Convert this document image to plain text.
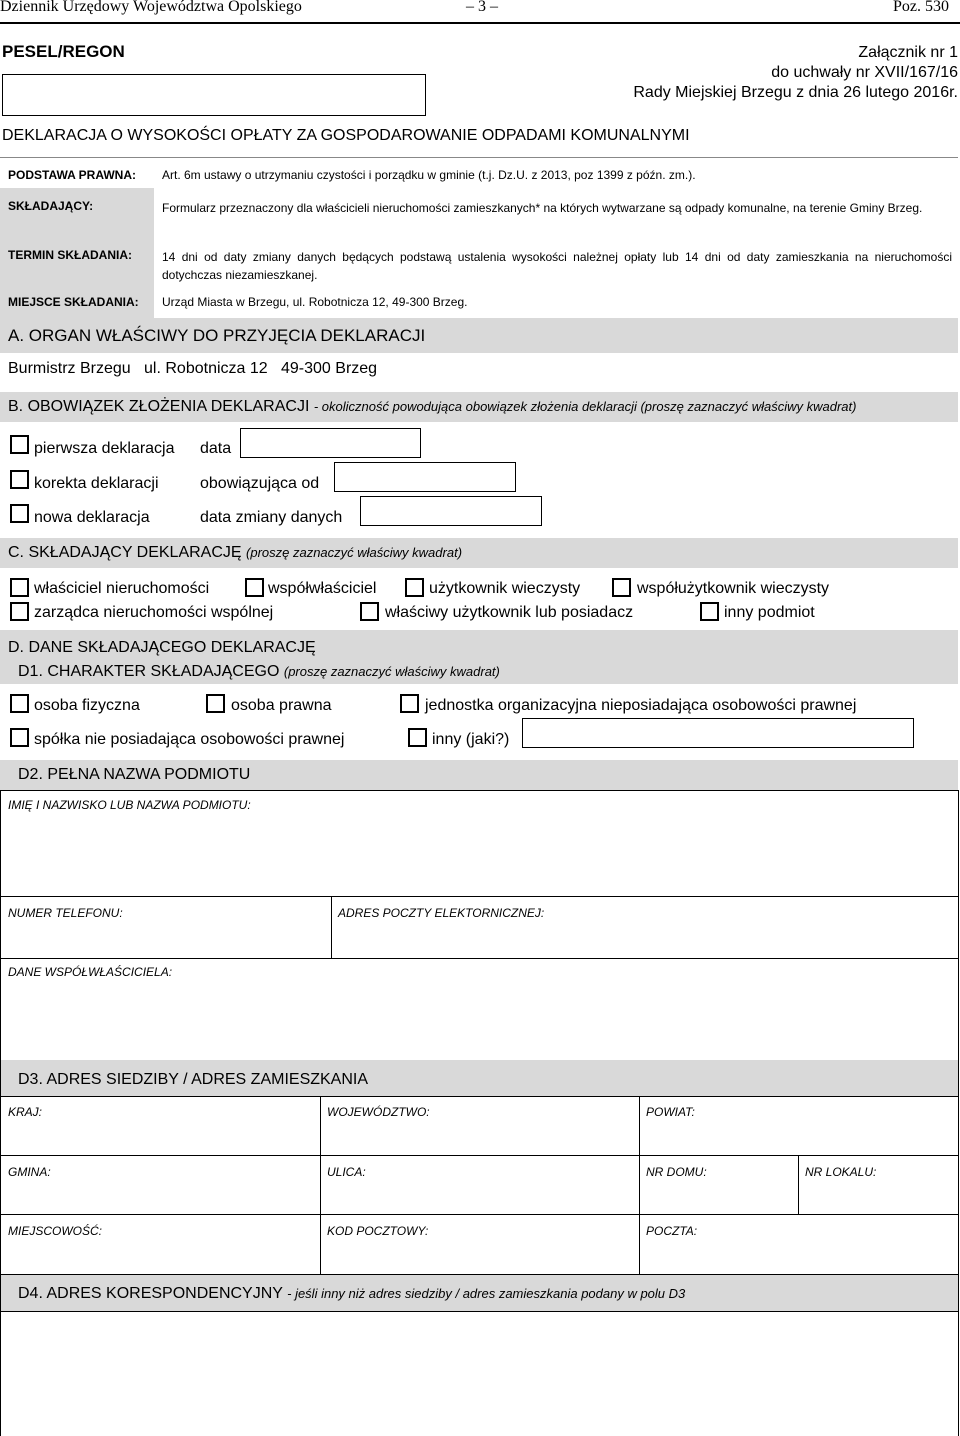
Dziennik Urzędowy Województwa Opolskiego	– 3 –	Poz. 530
PESEL/REGON	Załącznik nr 1
do uchwały nr XVII/167/16
Rady Miejskiej Brzegu z dnia 26 lutego 2016r.
DEKLARACJA O WYSOKOŚCI OPŁATY ZA GOSPODAROWANIE ODPADAMI KOMUNALNYMI
PODSTAWA PRAWNA: Art. 6m ustawy o utrzymaniu czystości i porządku w gminie (t.j. Dz.U. z 2013, poz 1399 z późn. zm.).
SKŁADAJĄCY:	Formularz przeznaczony dla właścicieli nieruchomości zamieszkanych* na których wytwarzane są odpady komunalne, na terenie Gminy Brzeg.
TERMIN SKŁADANIA:	14 dni od daty zmiany danych będących podstawą ustalenia wysokości należnej opłaty lub 14 dni od daty zamieszkania na nieruchomości dotychczas niezamieszkanej.
MIEJSCE SKŁADANIA: Urząd Miasta w Brzegu, ul. Robotnicza 12, 49-300 Brzeg.
A. ORGAN WŁAŚCIWY DO PRZYJĘCIA DEKLARACJI
Burmistrz Brzegu   ul. Robotnicza 12   49-300 Brzeg
B. OBOWIĄZEK ZŁOŻENIA DEKLARACJI - okoliczność powodująca obowiązek złożenia deklaracji (proszę zaznaczyć właściwy kwadrat)
pierwsza deklaracja data
korekta deklaracji	obowiązująca od
nowa deklaracja	data zmiany danych
C. SKŁADAJĄCY DEKLARACJĘ (proszę zaznaczyć właściwy kwadrat)
właściciel nieruchomości	współwłaściciel	użytkownik wieczysty	współużytkownik wieczysty
zarządca nieruchomości wspólnej	właściwy użytkownik lub posiadacz	inny podmiot
D. DANE SKŁADAJĄCEGO DEKLARACJĘ
D1. CHARAKTER SKŁADAJĄCEGO (proszę zaznaczyć właściwy kwadrat)
osoba fizyczna	osoba prawna	jednostka organizacyjna nieposiadająca osobowości prawnej
spółka nie posiadająca osobowości prawnej	inny (jaki?)
D2. PEŁNA NAZWA PODMIOTU
IMIĘ I NAZWISKO LUB NAZWA PODMIOTU:
NUMER TELEFONU:	ADRES POCZTY ELEKTORNICZNEJ:
DANE WSPÓŁWŁAŚCICIELA:
D3. ADRES SIEDZIBY / ADRES ZAMIESZKANIA
KRAJ:	WOJEWÓDZTWO:	POWIAT:
GMINA:	ULICA:	NR DOMU:	NR LOKALU:
MIEJSCOWOŚĆ:	KOD POCZTOWY:	POCZTA:
D4. ADRES KORESPONDENCYJNY - jeśli inny niż adres siedziby / adres zamieszkania podany w polu D3
